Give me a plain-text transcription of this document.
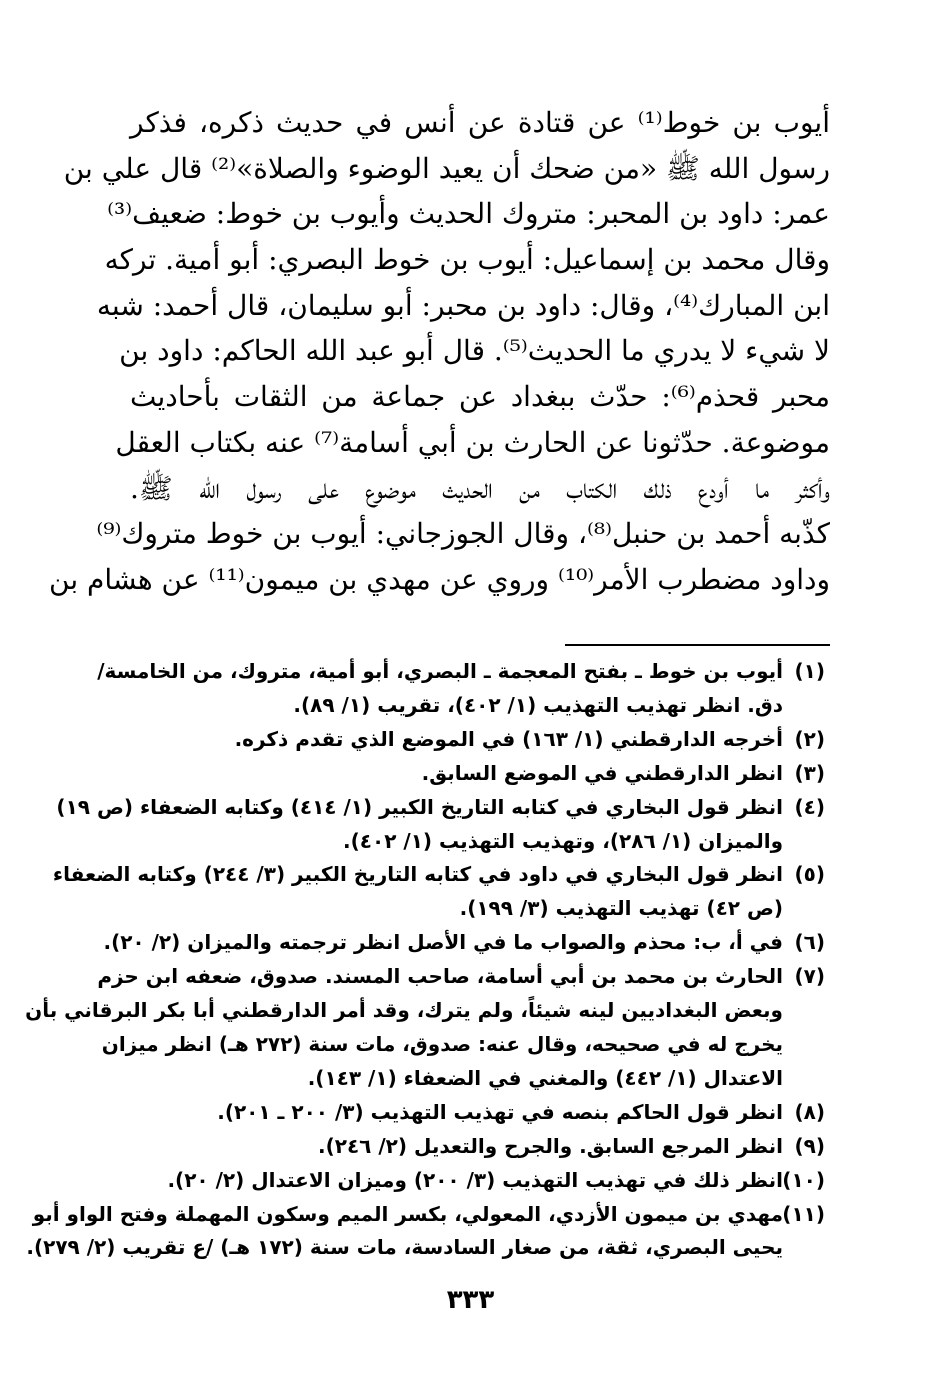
أيوب بن خوط⁽¹⁾ عن قتادة عن أنس في حديث ذكره، فذكر
رسول الله ﷺ «من ضحك أن يعيد الوضوء والصلاة»⁽²⁾ قال علي بن
عمر: داود بن المحبر: متروك الحديث وأيوب بن خوط: ضعيف⁽³⁾
وقال محمد بن إسماعيل: أيوب بن خوط البصري: أبو أمية. تركه
ابن المبارك⁽⁴⁾، وقال: داود بن محبر: أبو سليمان، قال أحمد: شبه
لا شيء لا يدري ما الحديث⁽⁵⁾. قال أبو عبد الله الحاكم: داود بن
محبر قحذم⁽⁶⁾: حدّث ببغداد عن جماعة من الثقات بأحاديث
موضوعة. حدّثونا عن الحارث بن أبي أسامة⁽⁷⁾ عنه بكتاب العقل
وأكثر ما أودع ذلك الكتاب من الحديث موضوع على رسول الله ﷺ.
كذّبه أحمد بن حنبل⁽⁸⁾، وقال الجوزجاني: أيوب بن خوط متروك⁽⁹⁾
وداود مضطرب الأمر⁽¹⁰⁾ وروي عن مهدي بن ميمون⁽¹¹⁾ عن هشام بن
(١)
أيوب بن خوط ـ بفتح المعجمة ـ البصري، أبو أمية، متروك، من الخامسة/
دق. انظر تهذيب التهذيب (١/ ٤٠٢)، تقريب (١/ ٨٩).
(٢)
أخرجه الدارقطني (١/ ١٦٣) في الموضع الذي تقدم ذكره.
(٣)
انظر الدارقطني في الموضع السابق.
(٤)
انظر قول البخاري في كتابه التاريخ الكبير (١/ ٤١٤) وكتابه الضعفاء (ص ١٩)
والميزان (١/ ٢٨٦)، وتهذيب التهذيب (١/ ٤٠٢).
(٥)
انظر قول البخاري في داود في كتابه التاريخ الكبير (٣/ ٢٤٤) وكتابه الضعفاء
(ص ٤٢) تهذيب التهذيب (٣/ ١٩٩).
(٦)
في أ، ب: محذم والصواب ما في الأصل انظر ترجمته والميزان (٢/ ٢٠).
(٧)
الحارث بن محمد بن أبي أسامة، صاحب المسند. صدوق، ضعفه ابن حزم
وبعض البغداديين لينه شيئاً، ولم يترك، وقد أمر الدارقطني أبا بكر البرقاني بأن
يخرج له في صحيحه، وقال عنه: صدوق، مات سنة (٢٧٢ هـ) انظر ميزان
الاعتدال (١/ ٤٤٢) والمغني في الضعفاء (١/ ١٤٣).
(٨)
انظر قول الحاكم بنصه في تهذيب التهذيب (٣/ ٢٠٠ ـ ٢٠١).
(٩)
انظر المرجع السابق. والجرح والتعديل (٢/ ٢٤٦).
(١٠)
انظر ذلك في تهذيب التهذيب (٣/ ٢٠٠) وميزان الاعتدال (٢/ ٢٠).
(١١)
مهدي بن ميمون الأزدي، المعولي، بكسر الميم وسكون المهملة وفتح الواو أبو
يحيى البصري، ثقة، من صغار السادسة، مات سنة (١٧٢ هـ) /ع تقريب (٢/ ٢٧٩).
٣٣٣
